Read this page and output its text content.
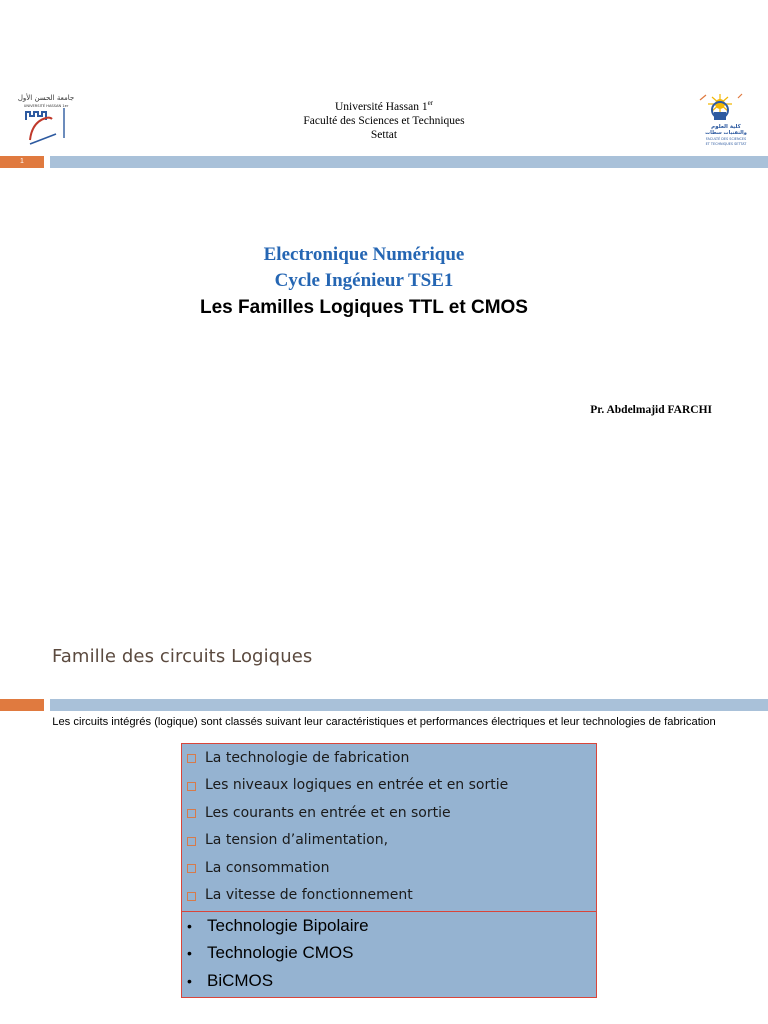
جامعة الحسن الأول
UNIVERSITÉ HASSAN 1er	Université Hassan 1er
Faculté des Sciences et Techniques
Settat
كلية العلوم
والتقنيات سطات
FACULTÉ DES SCIENCES
ET TECHNIQUES SETTAT
1
Electronique Numérique
Cycle Ingénieur TSE1
Les Familles Logiques TTL et CMOS
Pr. Abdelmajid FARCHI
Famille des circuits Logiques
Les circuits intégrés (logique) sont classés suivant leur caractéristiques et performances électriques et leur technologies de fabrication
La technologie de fabrication
Les niveaux logiques en entrée et en sortie
Les courants en entrée et en sortie
La tension d’alimentation,
La consommation
La vitesse de fonctionnement
• Technologie Bipolaire
• Technologie CMOS
• BiCMOS
